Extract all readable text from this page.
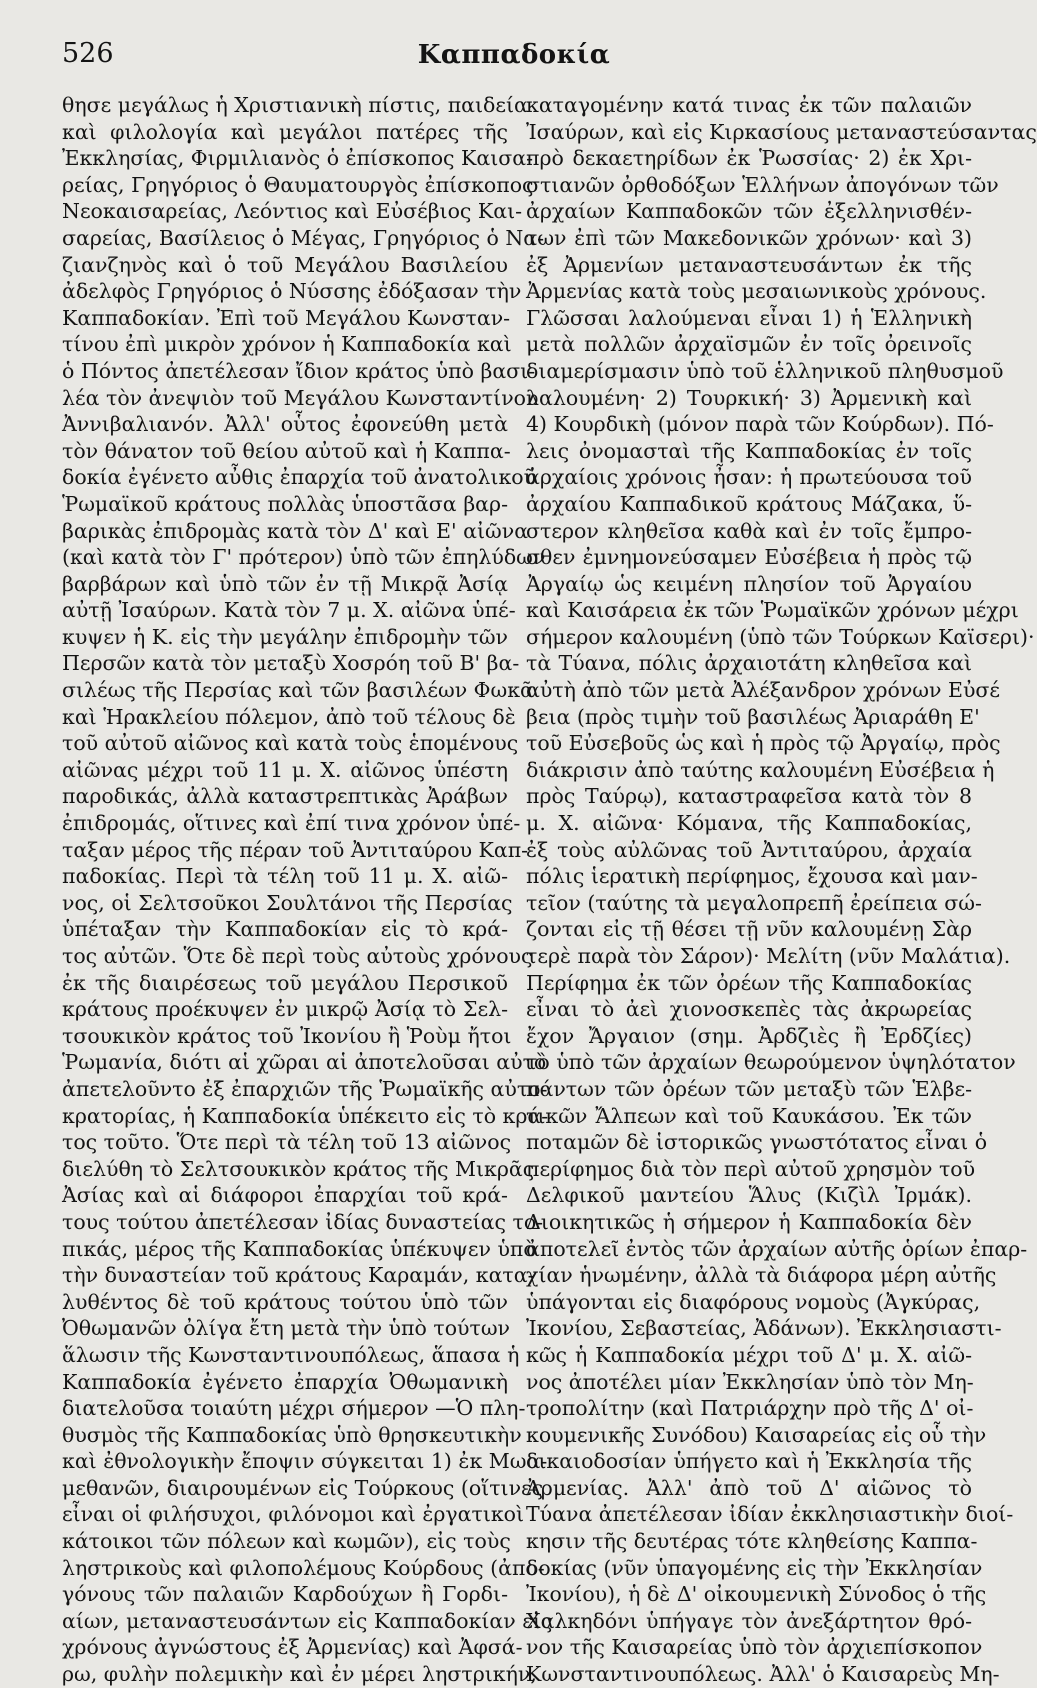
526	Καππαδοκία
θησε μεγάλως ἡ Χριστιανικὴ πίστις, παιδεία
καὶ φιλολογία καὶ μεγάλοι πατέρες τῆς
Ἐκκλησίας, Φιρμιλιανὸς ὁ ἐπίσκοπος Καισα-
ρείας, Γρηγόριος ὁ Θαυματουργὸς ἐπίσκοπος
Νεοκαισαρείας, Λεόντιος καὶ Εὐσέβιος Και-
σαρείας, Βασίλειος ὁ Μέγας, Γρηγόριος ὁ Να-
ζιανζηνὸς καὶ ὁ τοῦ Μεγάλου Βασιλείου
ἀδελφὸς Γρηγόριος ὁ Νύσσης ἐδόξασαν τὴν
Καππαδοκίαν. Ἐπὶ τοῦ Μεγάλου Κωνσταν-
τίνου ἐπὶ μικρὸν χρόνον ἡ Καππαδοκία καὶ
ὁ Πόντος ἀπετέλεσαν ἴδιον κράτος ὑπὸ βασι-
λέα τὸν ἀνεψιὸν τοῦ Μεγάλου Κωνσταντίνου
Ἀννιβαλιανόν. Ἀλλ' οὗτος ἐφονεύθη μετὰ
τὸν θάνατον τοῦ θείου αὐτοῦ καὶ ἡ Καππα-
δοκία ἐγένετο αὖθις ἐπαρχία τοῦ ἀνατολικοῦ
Ῥωμαϊκοῦ κράτους πολλὰς ὑποστᾶσα βαρ-
βαρικὰς ἐπιδρομὰς κατὰ τὸν Δ' καὶ Ε' αἰῶνα
(καὶ κατὰ τὸν Γ' πρότερον) ὑπὸ τῶν ἐπηλύδων
βαρβάρων καὶ ὑπὸ τῶν ἐν τῇ Μικρᾷ Ἀσίᾳ
αὐτῇ Ἰσαύρων. Κατὰ τὸν 7 μ. Χ. αἰῶνα ὑπέ-
κυψεν ἡ Κ. εἰς τὴν μεγάλην ἐπιδρομὴν τῶν
Περσῶν κατὰ τὸν μεταξὺ Χοσρόη τοῦ Β' βα-
σιλέως τῆς Περσίας καὶ τῶν βασιλέων Φωκᾶ
καὶ Ἡρακλείου πόλεμον, ἀπὸ τοῦ τέλους δὲ
τοῦ αὐτοῦ αἰῶνος καὶ κατὰ τοὺς ἑπομένους
αἰῶνας μέχρι τοῦ 11 μ. Χ. αἰῶνος ὑπέστη
παροδικάς, ἀλλὰ καταστρεπτικὰς Ἀράβων
ἐπιδρομάς, οἵτινες καὶ ἐπί τινα χρόνον ὑπέ-
ταξαν μέρος τῆς πέραν τοῦ Ἀντιταύρου Καπ-
παδοκίας. Περὶ τὰ τέλη τοῦ 11 μ. Χ. αἰῶ-
νος, οἱ Σελτσοῦκοι Σουλτάνοι τῆς Περσίας
ὑπέταξαν τὴν Καππαδοκίαν εἰς τὸ κρά-
τος αὐτῶν. Ὅτε δὲ περὶ τοὺς αὐτοὺς χρόνους
ἐκ τῆς διαιρέσεως τοῦ μεγάλου Περσικοῦ
κράτους προέκυψεν ἐν μικρῷ Ἀσίᾳ τὸ Σελ-
τσουκικὸν κράτος τοῦ Ἰκονίου ἢ Ῥοὺμ ἤτοι
Ῥωμανία, διότι αἱ χῶραι αἱ ἀποτελοῦσαι αὐτὸ
ἀπετελοῦντο ἐξ ἐπαρχιῶν τῆς Ῥωμαϊκῆς αὐτο-
κρατορίας, ἡ Καππαδοκία ὑπέκειτο εἰς τὸ κρά-
τος τοῦτο. Ὅτε περὶ τὰ τέλη τοῦ 13 αἰῶνος
διελύθη τὸ Σελτσουκικὸν κράτος τῆς Μικρᾶς
Ἀσίας καὶ αἱ διάφοροι ἐπαρχίαι τοῦ κρά-
τους τούτου ἀπετέλεσαν ἰδίας δυναστείας το-
πικάς, μέρος τῆς Καππαδοκίας ὑπέκυψεν ὑπὸ
τὴν δυναστείαν τοῦ κράτους Καραμάν, κατα-
λυθέντος δὲ τοῦ κράτους τούτου ὑπὸ τῶν
Ὀθωμανῶν ὀλίγα ἔτη μετὰ τὴν ὑπὸ τούτων
ἅλωσιν τῆς Κωνσταντινουπόλεως, ἅπασα ἡ
Καππαδοκία ἐγένετο ἐπαρχία Ὀθωμανικὴ
διατελοῦσα τοιαύτη μέχρι σήμερον —Ὁ πλη-
θυσμὸς τῆς Καππαδοκίας ὑπὸ θρησκευτικὴν
καὶ ἐθνολογικὴν ἔποψιν σύγκειται 1) ἐκ Μωα-
μεθανῶν, διαιρουμένων εἰς Τούρκους (οἵτινες
εἶναι οἱ φιλήσυχοι, φιλόνομοι καὶ ἐργατικοὶ
κάτοικοι τῶν πόλεων καὶ κωμῶν), εἰς τοὺς
ληστρικοὺς καὶ φιλοπολέμους Κούρδους (ἀπο-
γόνους τῶν παλαιῶν Καρδούχων ἢ Γορδι-
αίων, μεταναστευσάντων εἰς Καππαδοκίαν εἰς
χρόνους ἀγνώστους ἐξ Ἀρμενίας) καὶ Ἀφσά-
ρω, φυλὴν πολεμικὴν καὶ ἐν μέρει ληστρικήν,
καταγομένην κατά τινας ἐκ τῶν παλαιῶν
Ἰσαύρων, καὶ εἰς Κιρκασίους μεταναστεύσαντας
πρὸ δεκαετηρίδων ἐκ Ῥωσσίας· 2) ἐκ Χρι-
στιανῶν ὀρθοδόξων Ἑλλήνων ἀπογόνων τῶν
ἀρχαίων Καππαδοκῶν τῶν ἐξελληνισθέν-
των ἐπὶ τῶν Μακεδονικῶν χρόνων· καὶ 3)
ἐξ Ἀρμενίων μεταναστευσάντων ἐκ τῆς
Ἀρμενίας κατὰ τοὺς μεσαιωνικοὺς χρόνους.
Γλῶσσαι λαλούμεναι εἶναι 1) ἡ Ἑλληνικὴ
μετὰ πολλῶν ἀρχαϊσμῶν ἐν τοῖς ὀρεινοῖς
διαμερίσμασιν ὑπὸ τοῦ ἑλληνικοῦ πληθυσμοῦ
λαλουμένη· 2) Τουρκική· 3) Ἀρμενικὴ καὶ
4) Κουρδικὴ (μόνον παρὰ τῶν Κούρδων). Πό-
λεις ὀνομασταὶ τῆς Καππαδοκίας ἐν τοῖς
ἀρχαίοις χρόνοις ἦσαν: ἡ πρωτεύουσα τοῦ
ἀρχαίου Καππαδικοῦ κράτους Μάζακα, ὕ-
στερον κληθεῖσα καθὰ καὶ ἐν τοῖς ἔμπρο-
σθεν ἐμνημονεύσαμεν Εὐσέβεια ἡ πρὸς τῷ
Ἀργαίῳ ὡς κειμένη πλησίον τοῦ Ἀργαίου
καὶ Καισάρεια ἐκ τῶν Ῥωμαϊκῶν χρόνων μέχρι
σήμερον καλουμένη (ὑπὸ τῶν Τούρκων Καϊσερι)·
τὰ Τύανα, πόλις ἀρχαιοτάτη κληθεῖσα καὶ
αὐτὴ ἀπὸ τῶν μετὰ Ἀλέξανδρον χρόνων Εὐσέ
βεια (πρὸς τιμὴν τοῦ βασιλέως Ἀριαράθη Ε'
τοῦ Εὐσεβοῦς ὡς καὶ ἡ πρὸς τῷ Ἀργαίῳ, πρὸς
διάκρισιν ἀπὸ ταύτης καλουμένη Εὐσέβεια ἡ
πρὸς Ταύρῳ), καταστραφεῖσα κατὰ τὸν 8
μ. Χ. αἰῶνα· Κόμανα, τῆς Καππαδοκίας,
ἐξ τοὺς αὐλῶνας τοῦ Ἀντιταύρου, ἀρχαία
πόλις ἱερατικὴ περίφημος, ἔχουσα καὶ μαν-
τεῖον (ταύτης τὰ μεγαλοπρεπῆ ἐρείπεια σώ-
ζονται εἰς τῇ θέσει τῇ νῦν καλουμένῃ Σὰρ
τερὲ παρὰ τὸν Σάρον)· Μελίτη (νῦν Μαλάτια).
Περίφημα ἐκ τῶν ὀρέων τῆς Καππαδοκίας
εἶναι τὸ ἀεὶ χιονοσκεπὲς τὰς ἀκρωρείας
ἔχον Ἄργαιον (σημ. Ἀρδζιὲς ἢ Ἐρδζίες)
τὸ ὑπὸ τῶν ἀρχαίων θεωρούμενον ὑψηλότατον
πάντων τῶν ὀρέων τῶν μεταξὺ τῶν Ἑλβε-
τικῶν Ἄλπεων καὶ τοῦ Καυκάσου. Ἐκ τῶν
ποταμῶν δὲ ἱστορικῶς γνωστότατος εἶναι ὁ
περίφημος διὰ τὸν περὶ αὐτοῦ χρησμὸν τοῦ
Δελφικοῦ μαντείου Ἅλυς (Κιζὶλ Ἰρμάκ).
Διοικητικῶς ἡ σήμερον ἡ Καππαδοκία δὲν
ἀποτελεῖ ἐντὸς τῶν ἀρχαίων αὐτῆς ὁρίων ἐπαρ-
χίαν ἡνωμένην, ἀλλὰ τὰ διάφορα μέρη αὐτῆς
ὑπάγονται εἰς διαφόρους νομοὺς (Ἀγκύρας,
Ἰκονίου, Σεβαστείας, Ἀδάνων). Ἐκκλησιαστι-
κῶς ἡ Καππαδοκία μέχρι τοῦ Δ' μ. Χ. αἰῶ-
νος ἀποτέλει μίαν Ἐκκλησίαν ὑπὸ τὸν Μη-
τροπολίτην (καὶ Πατριάρχην πρὸ τῆς Δ' οἰ-
κουμενικῆς Συνόδου) Καισαρείας εἰς οὗ τὴν
δικαιοδοσίαν ὑπήγετο καὶ ἡ Ἐκκλησία τῆς
Ἀρμενίας. Ἀλλ' ἀπὸ τοῦ Δ' αἰῶνος τὸ
Τύανα ἀπετέλεσαν ἰδίαν ἐκκλησιαστικὴν διοί-
κησιν τῆς δευτέρας τότε κληθείσης Καππα-
δοκίας (νῦν ὑπαγομένης εἰς τὴν Ἐκκλησίαν
Ἰκονίου), ἡ δὲ Δ' οἰκουμενικὴ Σύνοδος ὁ τῆς
Χαλκηδόνι ὑπήγαγε τὸν ἀνεξάρτητον θρό-
νον τῆς Καισαρείας ὑπὸ τὸν ἀρχιεπίσκοπον
Κωνσταντινουπόλεως. Ἀλλ' ὁ Καισαρεὺς Μη-
